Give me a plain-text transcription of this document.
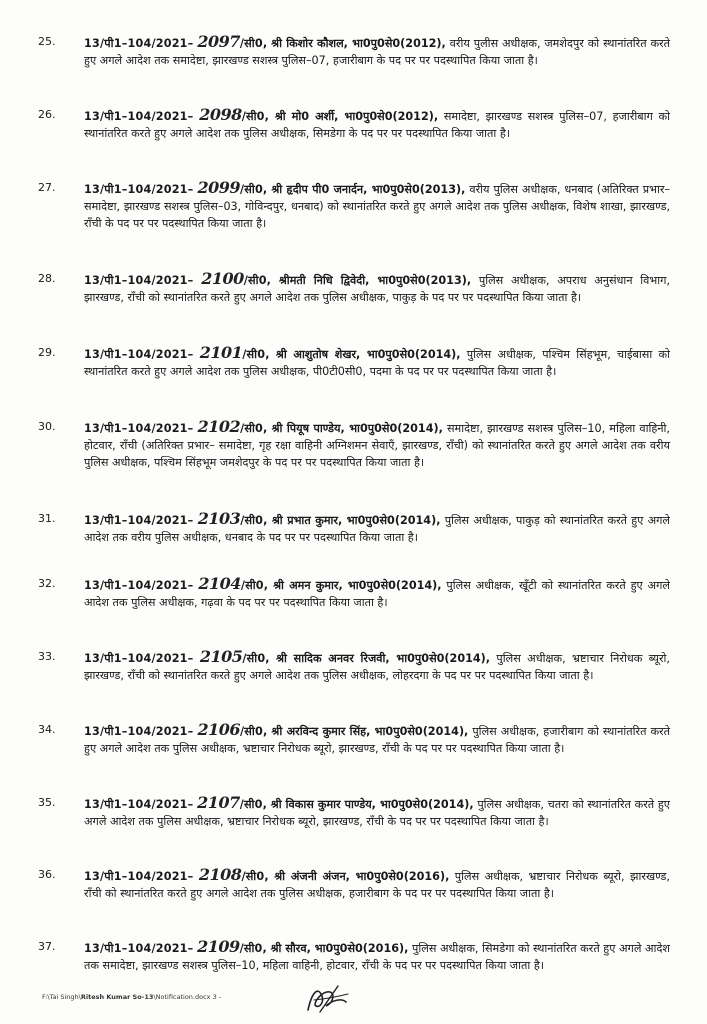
25.	13/पी1–104/2021– 2097/सी0, श्री किशोर कौशल, भा0पु0से0(2012), वरीय पुलीस अधीक्षक, जमशेदपुर को स्थानांतरित करते हुए अगले आदेश तक समादेष्टा, झारखण्ड सशस्त्र पुलिस–07, हजारीबाग के पद पर पर पदस्थापित किया जाता है।
26.	13/पी1–104/2021– 2098/सी0, श्री मो0 अर्शी, भा0पु0से0(2012), समादेष्टा, झारखण्ड सशस्त्र पुलिस–07, हजारीबाग को स्थानांतरित करते हुए अगले आदेश तक पुलिस अधीक्षक, सिमडेगा के पद पर पर पदस्थापित किया जाता है।
27.	13/पी1–104/2021– 2099/सी0, श्री हृदीप पी0 जनार्दन, भा0पु0से0(2013), वरीय पुलिस अधीक्षक, धनबाद (अतिरिक्त प्रभार– समादेष्टा, झारखण्ड सशस्त्र पुलिस–03, गोविन्दपुर, धनबाद) को स्थानांतरित करते हुए अगले आदेश तक पुलिस अधीक्षक, विशेष शाखा, झारखण्ड, राँची के पद पर पर पदस्थापित किया जाता है।
28.	13/पी1–104/2021– 2100/सी0, श्रीमती निधि द्विवेदी, भा0पु0से0(2013), पुलिस अधीक्षक, अपराध अनुसंधान विभाग, झारखण्ड, राँची को स्थानांतरित करते हुए अगले आदेश तक पुलिस अधीक्षक, पाकुड़ के पद पर पर पदस्थापित किया जाता है।
29.	13/पी1–104/2021– 2101/सी0, श्री आशुतोष शेखर, भा0पु0से0(2014), पुलिस अधीक्षक, पश्चिम सिंहभूम, चाईबासा को स्थानांतरित करते हुए अगले आदेश तक पुलिस अधीक्षक, पी0टी0सी0, पदमा के पद पर पर पदस्थापित किया जाता है।
30.	13/पी1–104/2021– 2102/सी0, श्री पियूष पाण्डेय, भा0पु0से0(2014), समादेष्टा, झारखण्ड सशस्त्र पुलिस–10, महिला वाहिनी, होटवार, राँची (अतिरिक्त प्रभार– समादेष्टा, गृह रक्षा वाहिनी अग्निशमन सेवाएँ, झारखण्ड, राँची) को स्थानांतरित करते हुए अगले आदेश तक वरीय पुलिस अधीक्षक, पश्चिम सिंहभूम जमशेदपुर के पद पर पर पदस्थापित किया जाता है।
31.	13/पी1–104/2021– 2103/सी0, श्री प्रभात कुमार, भा0पु0से0(2014), पुलिस अधीक्षक, पाकुड़ को स्थानांतरित करते हुए अगले आदेश तक वरीय पुलिस अधीक्षक, धनबाद के पद पर पर पदस्थापित किया जाता है।
32.	13/पी1–104/2021– 2104/सी0, श्री अमन कुमार, भा0पु0से0(2014), पुलिस अधीक्षक, खूँटी को स्थानांतरित करते हुए अगले आदेश तक पुलिस अधीक्षक, गढ़वा के पद पर पर पदस्थापित किया जाता है।
33.	13/पी1–104/2021– 2105/सी0, श्री सादिक अनवर रिजवी, भा0पु0से0(2014), पुलिस अधीक्षक, भ्रष्टाचार निरोधक ब्यूरो, झारखण्ड, राँची को स्थानांतरित करते हुए अगले आदेश तक पुलिस अधीक्षक, लोहरदगा के पद पर पर पदस्थापित किया जाता है।
34.	13/पी1–104/2021– 2106/सी0, श्री अरविन्द कुमार सिंह, भा0पु0से0(2014), पुलिस अधीक्षक, हजारीबाग को स्थानांतरित करते हुए अगले आदेश तक पुलिस अधीक्षक, भ्रष्टाचार निरोधक ब्यूरो, झारखण्ड, राँची के पद पर पर पदस्थापित किया जाता है।
35.	13/पी1–104/2021– 2107/सी0, श्री विकास कुमार पाण्डेय, भा0पु0से0(2014), पुलिस अधीक्षक, चतरा को स्थानांतरित करते हुए अगले आदेश तक पुलिस अधीक्षक, भ्रष्टाचार निरोधक ब्यूरो, झारखण्ड, राँची के पद पर पर पदस्थापित किया जाता है।
36.	13/पी1–104/2021– 2108/सी0, श्री अंजनी अंजन, भा0पु0से0(2016), पुलिस अधीक्षक, भ्रष्टाचार निरोधक ब्यूरो, झारखण्ड, राँची को स्थानांतरित करते हुए अगले आदेश तक पुलिस अधीक्षक, हजारीबाग के पद पर पर पदस्थापित किया जाता है।
37.	13/पी1–104/2021– 2109/सी0, श्री सौरव, भा0पु0से0(2016), पुलिस अधीक्षक, सिमडेगा को स्थानांतरित करते हुए अगले आदेश तक समादेष्टा, झारखण्ड सशस्त्र पुलिस–10, महिला वाहिनी, होटवार, राँची के पद पर पर पदस्थापित किया जाता है।
F:\Tai Singh\Ritesh Kumar So-13\Notification.docx 3 -
